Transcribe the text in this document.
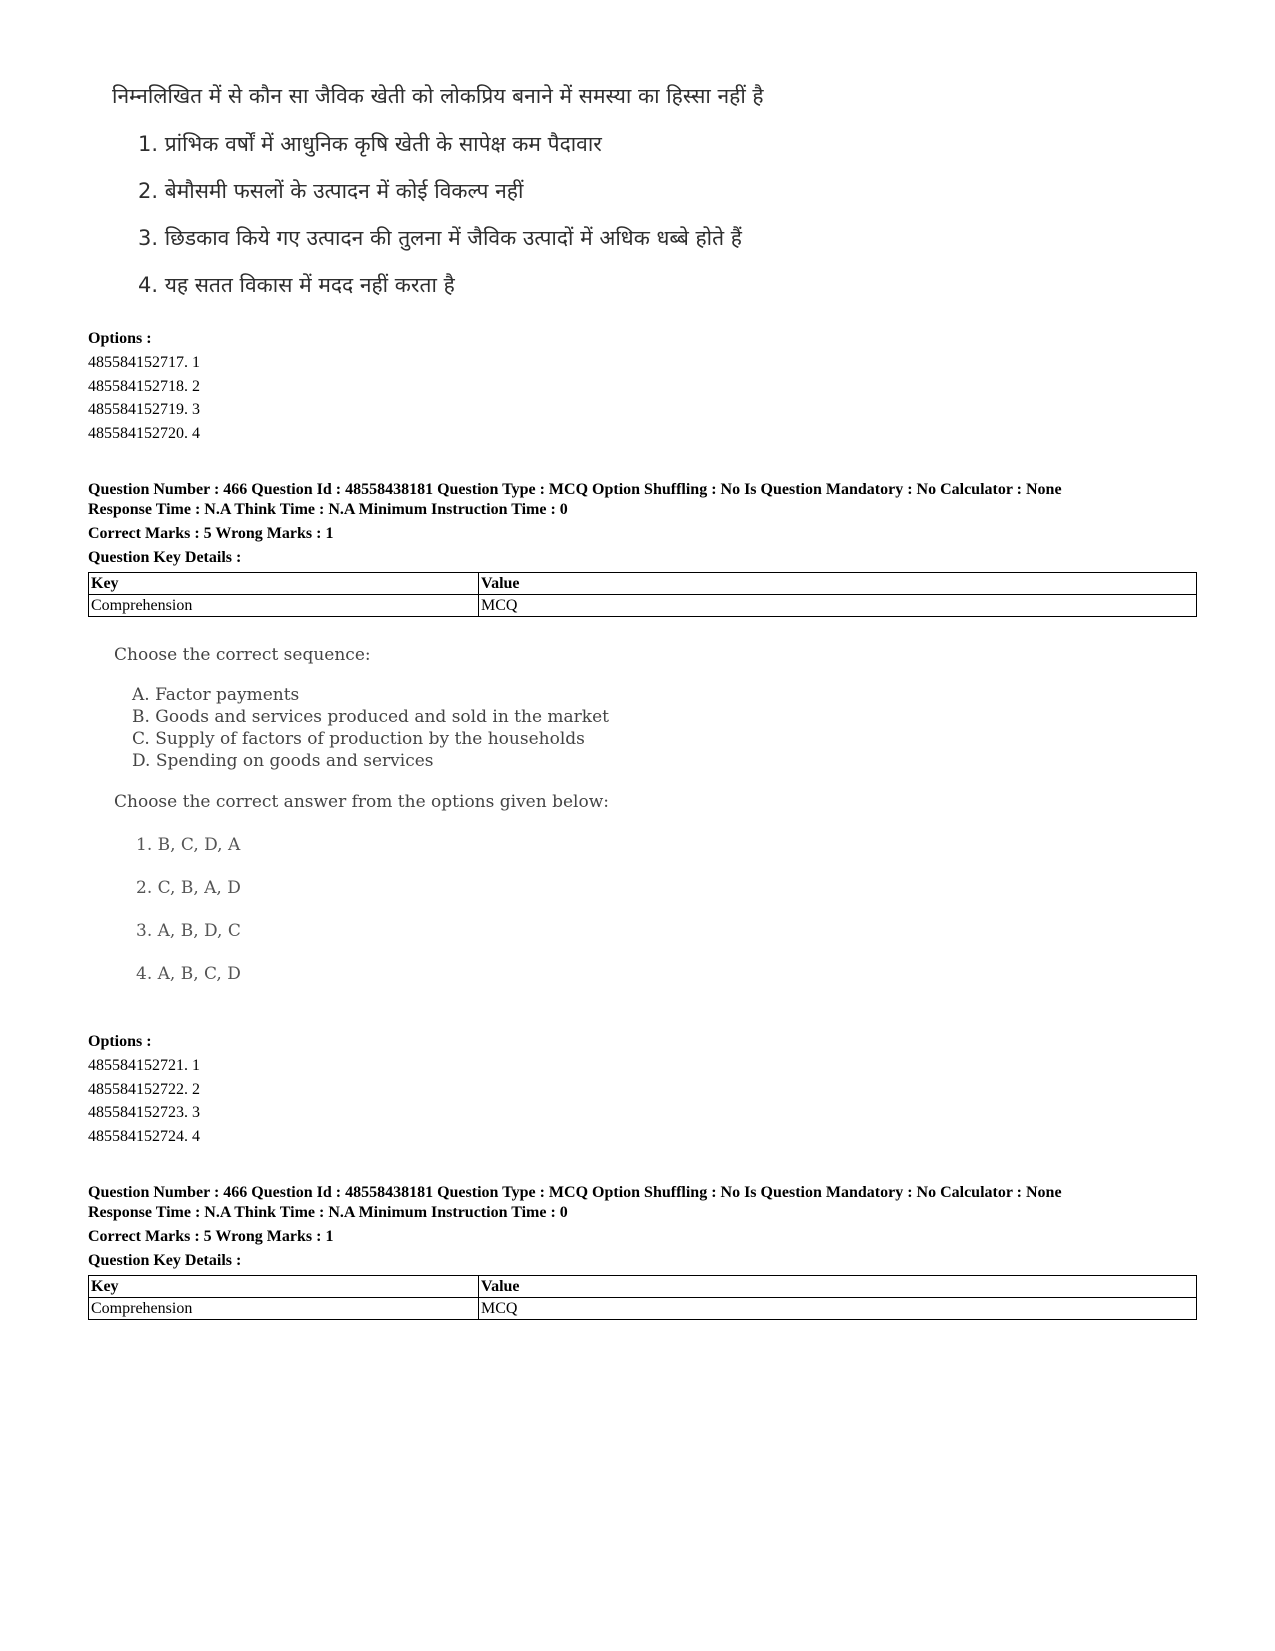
निम्नलिखित में से कौन सा जैविक खेती को लोकप्रिय बनाने में समस्या का हिस्सा नहीं है
1. प्रांभिक वर्षों में आधुनिक कृषि खेती के सापेक्ष कम पैदावार
2. बेमौसमी फसलों के उत्पादन में कोई विकल्प नहीं
3. छिडकाव किये गए उत्पादन की तुलना में जैविक उत्पादों में अधिक धब्बे होते हैं
4. यह सतत विकास में मदद नहीं करता है
Options :
485584152717. 1
485584152718. 2
485584152719. 3
485584152720. 4
Question Number : 466 Question Id : 48558438181 Question Type : MCQ Option Shuffling : No Is Question Mandatory : No Calculator : None
Response Time : N.A Think Time : N.A Minimum Instruction Time : 0
Correct Marks : 5 Wrong Marks : 1
Question Key Details :
Key	Value
Comprehension	MCQ
Choose the correct sequence:
A. Factor payments
B. Goods and services produced and sold in the market
C. Supply of factors of production by the households
D. Spending on goods and services
Choose the correct answer from the options given below:
1. B, C, D, A
2. C, B, A, D
3. A, B, D, C
4. A, B, C, D
Options :
485584152721. 1
485584152722. 2
485584152723. 3
485584152724. 4
Question Number : 466 Question Id : 48558438181 Question Type : MCQ Option Shuffling : No Is Question Mandatory : No Calculator : None
Response Time : N.A Think Time : N.A Minimum Instruction Time : 0
Correct Marks : 5 Wrong Marks : 1
Question Key Details :
Key	Value
Comprehension	MCQ
